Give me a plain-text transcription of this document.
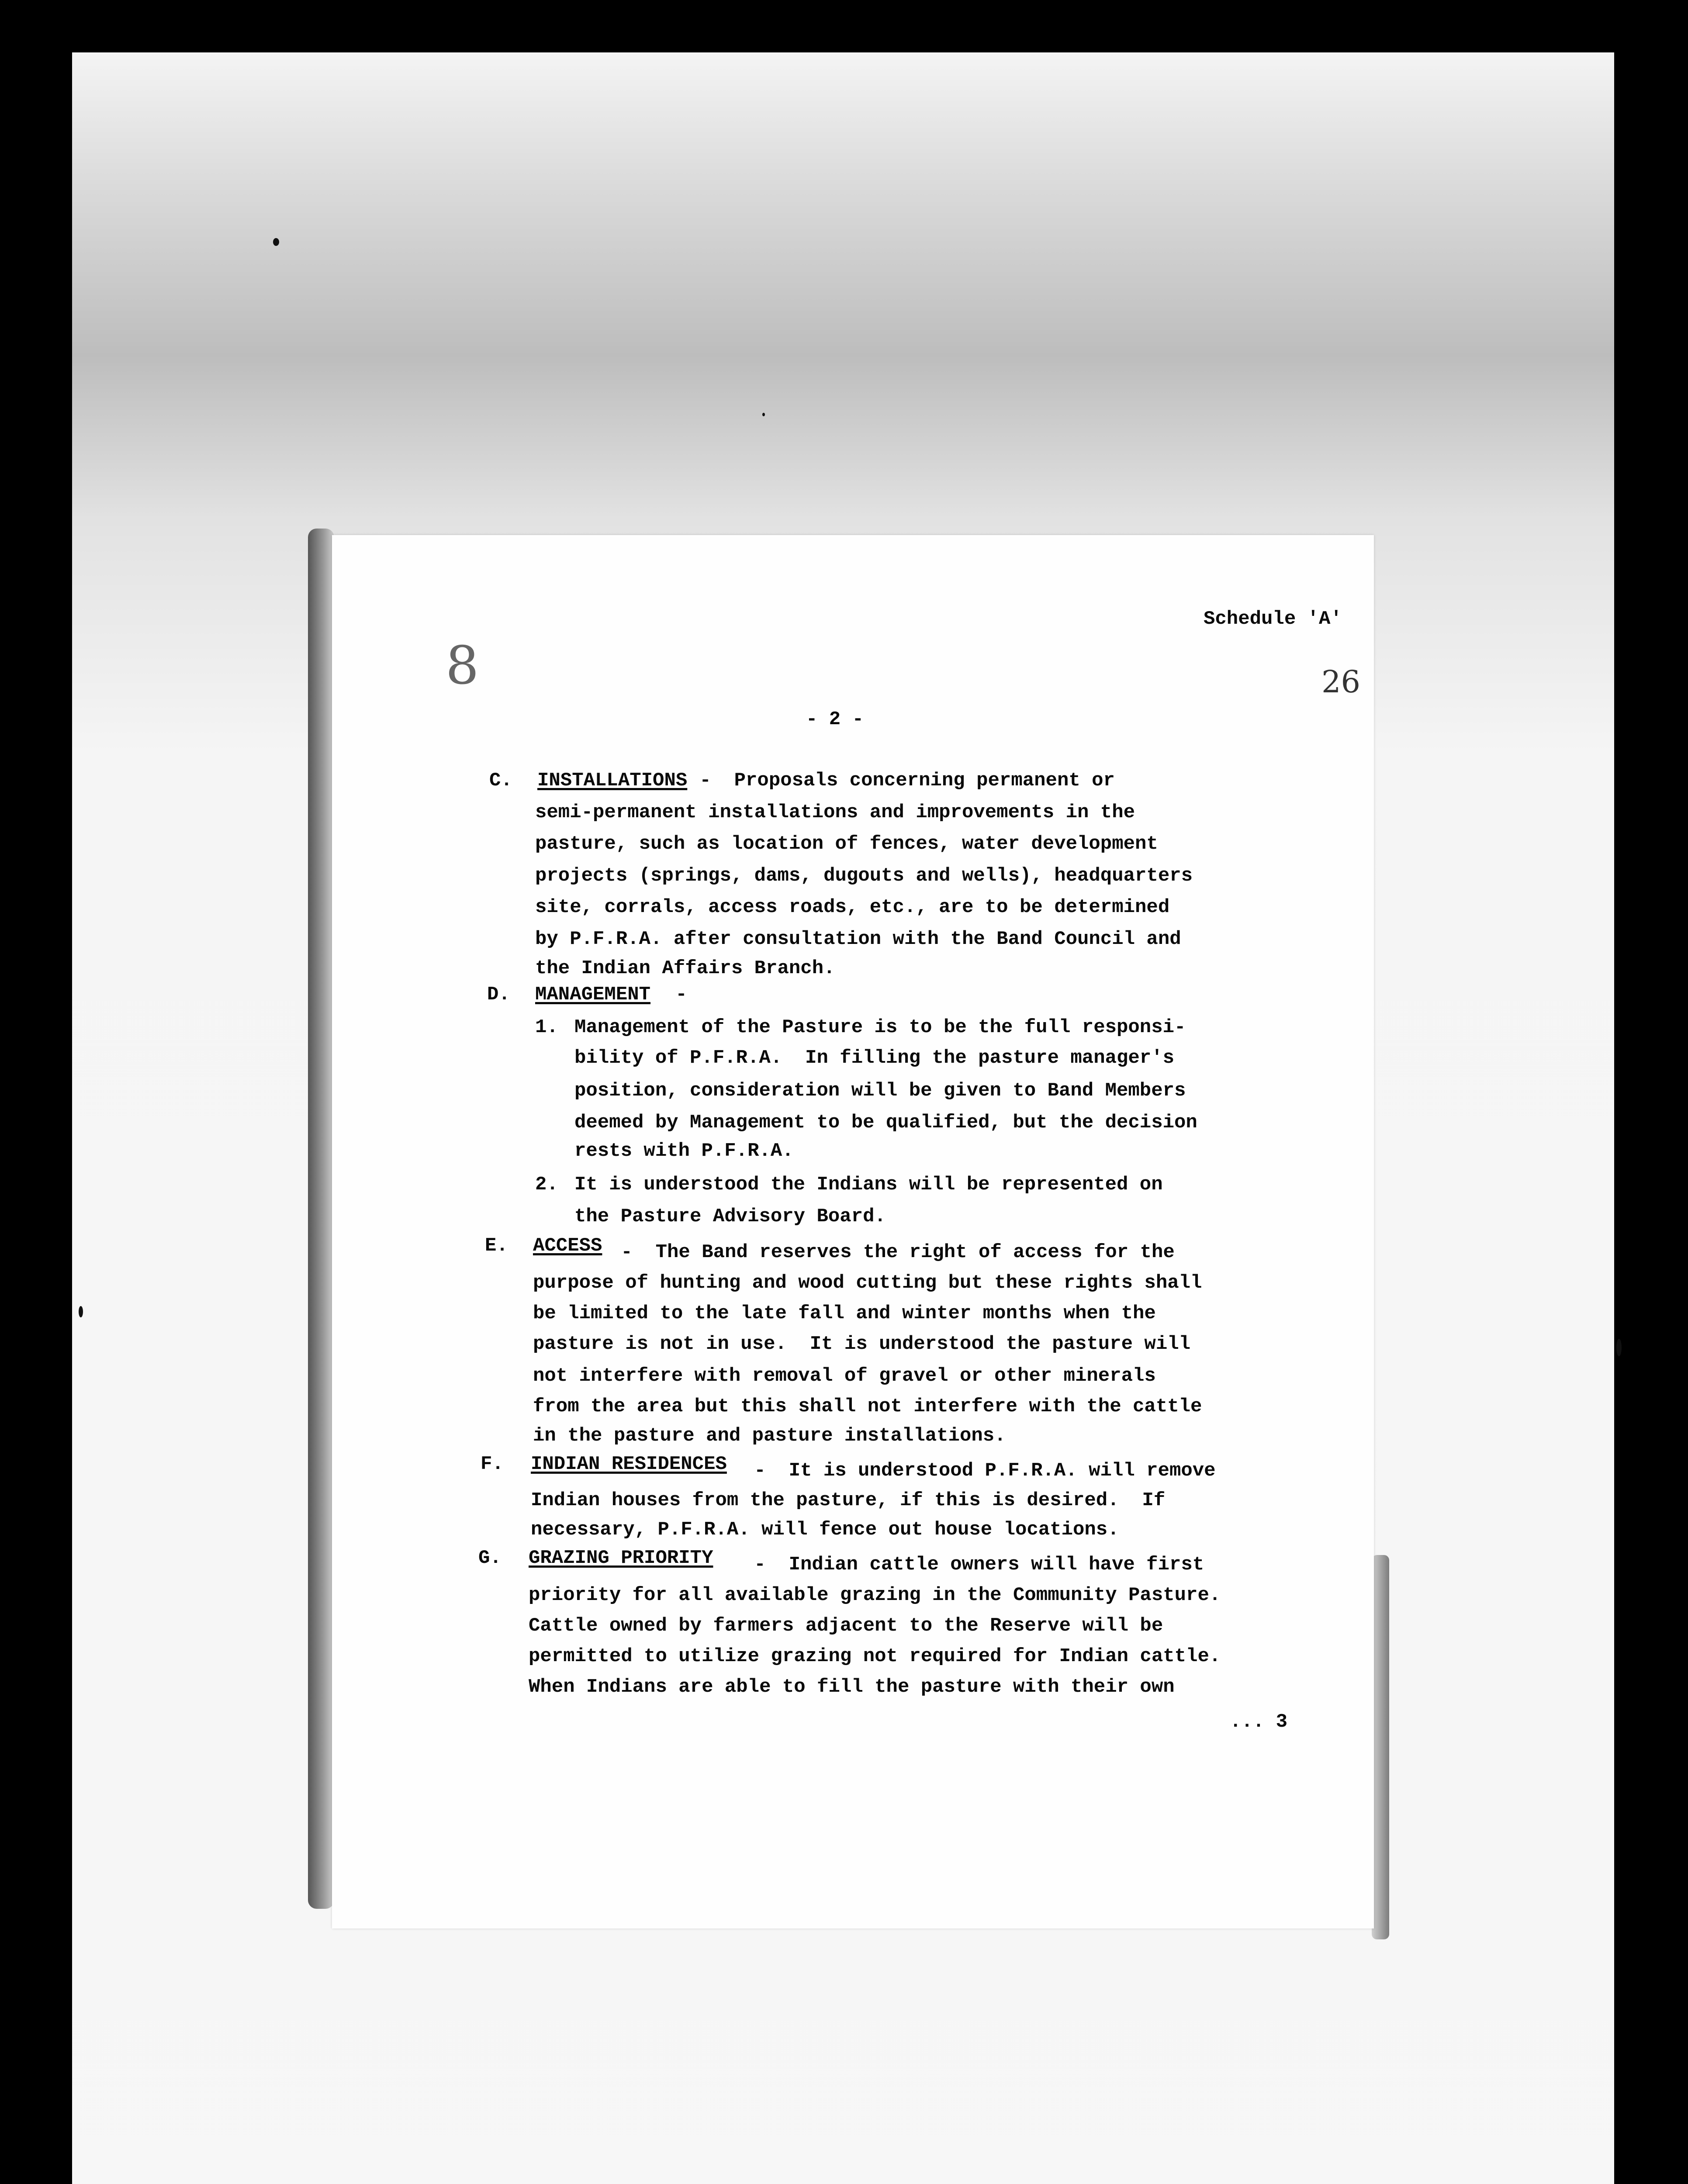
Schedule 'A'
8	26
- 2 -
C. INSTALLATIONS -  Proposals concerning permanent or
semi-permanent installations and improvements in the
pasture, such as location of fences, water development
projects (springs, dams, dugouts and wells), headquarters
site, corrals, access roads, etc., are to be determined
by P.F.R.A. after consultation with the Band Council and
the Indian Affairs Branch.
D. MANAGEMENT -
1. Management of the Pasture is to be the full responsi-
bility of P.F.R.A.  In filling the pasture manager's
position, consideration will be given to Band Members
deemed by Management to be qualified, but the decision
rests with P.F.R.A.
2. It is understood the Indians will be represented on
the Pasture Advisory Board.
E. ACCESS -  The Band reserves the right of access for the
purpose of hunting and wood cutting but these rights shall
be limited to the late fall and winter months when the
pasture is not in use.  It is understood the pasture will
not interfere with removal of gravel or other minerals
from the area but this shall not interfere with the cattle
in the pasture and pasture installations.
F. INDIAN RESIDENCES -  It is understood P.F.R.A. will remove
Indian houses from the pasture, if this is desired.  If
necessary, P.F.R.A. will fence out house locations.
G. GRAZING PRIORITY -  Indian cattle owners will have first
priority for all available grazing in the Community Pasture.
Cattle owned by farmers adjacent to the Reserve will be
permitted to utilize grazing not required for Indian cattle.
When Indians are able to fill the pasture with their own
... 3
